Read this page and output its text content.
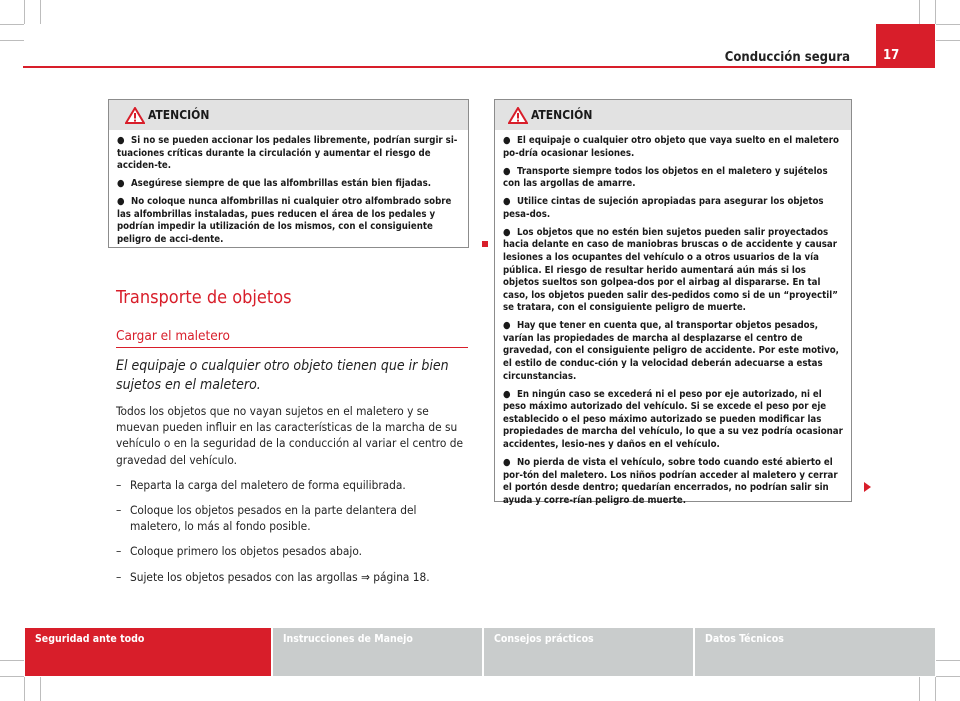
Conducción segura	17
ATENCIÓN

● Si no se pueden accionar los pedales libremente, podrían surgir si-tuaciones críticas durante la circulación y aumentar el riesgo de acciden-te.

● Asegúrese siempre de que las alfombrillas están bien fijadas.

● No coloque nunca alfombrillas ni cualquier otro alfombrado sobre las alfombrillas instaladas, pues reducen el área de los pedales y podrían impedir la utilización de los mismos, con el consiguiente peligro de acci-dente.

Transporte de objetos
Cargar el maletero
El equipaje o cualquier otro objeto tienen que ir bien sujetos en el maletero.

Todos los objetos que no vayan sujetos en el maletero y se muevan pueden influir en las características de la marcha de su vehículo o en la seguridad de la conducción al variar el centro de gravedad del vehículo.

– Reparta la carga del maletero de forma equilibrada.

– Coloque los objetos pesados en la parte delantera del maletero, lo más al fondo posible.

– Coloque primero los objetos pesados abajo.

– Sujete los objetos pesados con las argollas ⇒ página 18.

ATENCIÓN

● El equipaje o cualquier otro objeto que vaya suelto en el maletero po-dría ocasionar lesiones.

● Transporte siempre todos los objetos en el maletero y sujételos con las argollas de amarre.

● Utilice cintas de sujeción apropiadas para asegurar los objetos pesa-dos.

● Los objetos que no estén bien sujetos pueden salir proyectados hacia delante en caso de maniobras bruscas o de accidente y causar lesiones a los ocupantes del vehículo o a otros usuarios de la vía pública. El riesgo de resultar herido aumentará aún más si los objetos sueltos son golpea-dos por el airbag al dispararse. En tal caso, los objetos pueden salir des-pedidos como si de un “proyectil” se tratara, con el consiguiente peligro de muerte.

● Hay que tener en cuenta que, al transportar objetos pesados, varían las propiedades de marcha al desplazarse el centro de gravedad, con el consiguiente peligro de accidente. Por este motivo, el estilo de conduc-ción y la velocidad deberán adecuarse a estas circunstancias.

● En ningún caso se excederá ni el peso por eje autorizado, ni el peso máximo autorizado del vehículo. Si se excede el peso por eje establecido o el peso máximo autorizado se pueden modificar las propiedades de marcha del vehículo, lo que a su vez podría ocasionar accidentes, lesio-nes y daños en el vehículo.

● No pierda de vista el vehículo, sobre todo cuando esté abierto el por-tón del maletero. Los niños podrían acceder al maletero y cerrar el portón desde dentro; quedarían encerrados, no podrían salir sin ayuda y corre-rían peligro de muerte.

Seguridad ante todo	Instrucciones de Manejo	Consejos prácticos	Datos Técnicos
